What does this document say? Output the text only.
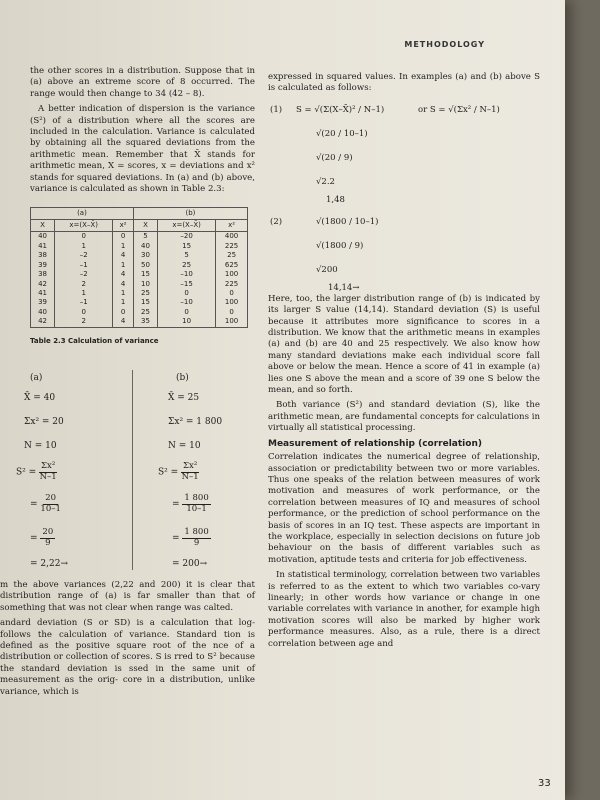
METHODOLOGY

the other scores in a distribution. Suppose that in (a) above an extreme score of 8 occurred. The range would then change to 34 (42 – 8).

A better indication of dispersion is the variance (S²) of a distribution where all the scores are included in the calculation. Variance is calculated by obtaining all the squared deviations from the arithmetic mean. Remember that X̄ stands for arithmetic mean, X = scores, x = deviations and x² stands for squared deviations. In (a) and (b) above, variance is calculated as shown in Table 2.3:

(a)			(b)		
X	x=(X–X̄)	x²	X	x=(X–X̄)	x²
40	0	0	5	–20	400
41	1	1	40	15	225
38	–2	4	30	5	25
39	–1	1	50	25	625
38	–2	4	15	–10	100
42	2	4	10	–15	225
41	1	1	25	0	0
39	–1	1	15	–10	100
40	0	0	25	0	0
42	2	4	35	10	100
Table 2.3 Calculation of variance
(a)
X̄ = 40
Σx² = 20
N = 10
$S^2 = \frac{\text{Σx²}}{N-1}$
= $\frac{20}{10-1}$
= $\frac{20}{9}$
= 2,22→
(b)
X̄ = 25
Σx² = 1 800
N = 10
$S^2 = \frac{\text{Σx²}}{N-1}$
= $\frac{1 800}{10-1}$
= $\frac{1 800}{9}$
= 200→

m the above variances (2,22 and 200) it is clear that distribution range of (a) is far smaller than that of something that was not clear when range was calted.

andard deviation (S or SD) is a calculation that log- follows the calculation of variance. Standard tion is defined as the positive square root of the nce of a distribution or collection of scores. S is rred to S² because the standard deviation is ssed in the same unit of measurement as the orig- core in a distribution, unlike variance, which is

expressed in squared values. In examples (a) and (b) above S is calculated as follows:

(1) S = √(Σ(X–X̄)² / N–1)	or S = √(Σx² / N–1)
√(20 / 10–1)
√(20 / 9)
√2.2
1,48
(2)	√(1800 / 10–1)
√(1800 / 9)
√200
14,14→

Here, too, the larger distribution range of (b) is indicated by its larger S value (14,14). Standard deviation (S) is useful because it attributes more significance to scores in a distribution. We know that the arithmetic means in examples (a) and (b) are 40 and 25 respectively. We also know how many standard deviations make each individual score fall above or below the mean. Hence a score of 41 in example (a) lies one S above the mean and a score of 39 one S below the mean, and so forth.

Both variance (S²) and standard deviation (S), like the arithmetic mean, are fundamental concepts for calculations in virtually all statistical processing.

Measurement of relationship (correlation)

Correlation indicates the numerical degree of relationship, association or predictability between two or more variables. Thus one speaks of the relation between measures of work motivation and measures of work performance, or the correlation between measures of IQ and measures of school performance, or the prediction of school performance on the basis of scores in an IQ test. These aspects are important in the workplace, especially in selection decisions on future job behaviour on the basis of different variables such as motivation, aptitude tests and criteria for job effectiveness.

In statistical terminology, correlation between two variables is referred to as the extent to which two variables co-vary linearly; in other words how variance or change in one variable correlates with variance in another, for example high motivation scores will also be marked by higher work performance measures. Also, as a rule, there is a direct correlation between age and

33
